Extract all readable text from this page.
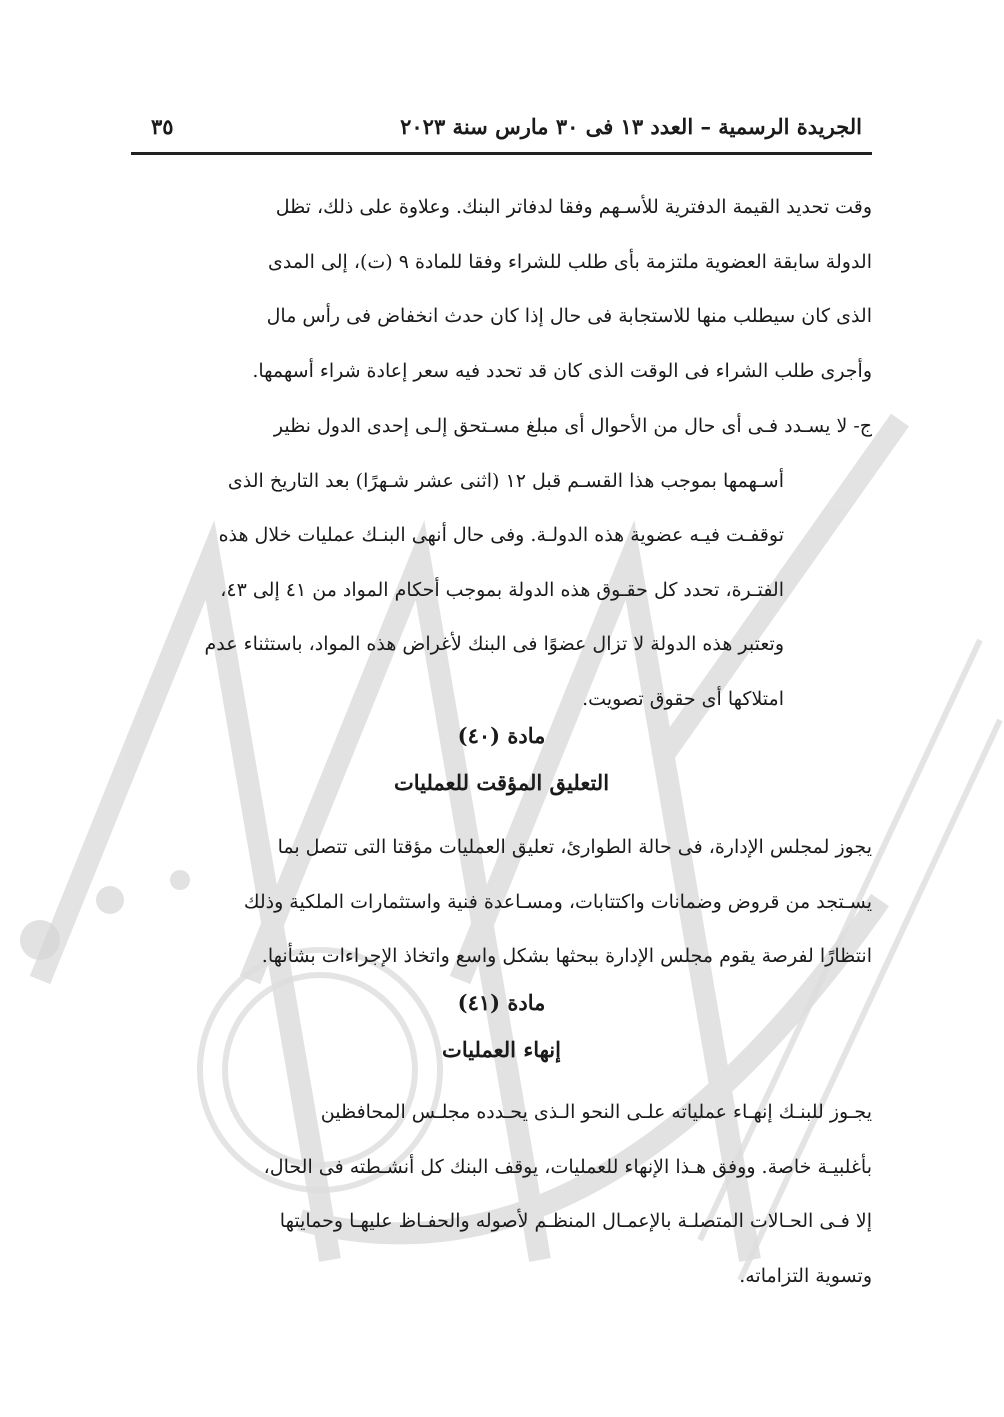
الجريدة الرسمية – العدد ١٣ فى ٣٠ مارس سنة ٢٠٢٣
٣٥
وقت تحديد القيمة الدفترية للأسـهم وفقا لدفاتر البنك. وعلاوة على ذلك، تظل
الدولة سابقة العضوية ملتزمة بأى طلب للشراء وفقا للمادة ٩ (ت)، إلى المدى
الذى كان سيطلب منها للاستجابة فى حال إذا كان حدث انخفاض فى رأس مال
وأجرى طلب الشراء فى الوقت الذى كان قد تحدد فيه سعر إعادة شراء أسهمها.
ج- لا يسـدد فـى أى حال من الأحوال أى مبلغ مسـتحق إلـى إحدى الدول نظير
أسـهمها بموجب هذا القسـم قبل ١٢ (اثنى عشر شـهرًا) بعد التاريخ الذى
توقفـت فيـه عضوية هذه الدولـة. وفى حال أنهى البنـك عمليات خلال هذه
الفتـرة، تحدد كل حقـوق هذه الدولة بموجب أحكام المواد من ٤١ إلى ٤٣،
وتعتبر هذه الدولة لا تزال عضوًا فى البنك لأغراض هذه المواد، باستثناء عدم
امتلاكها أى حقوق تصويت.
مادة (٤٠)
التعليق المؤقت للعمليات
يجوز لمجلس الإدارة، فى حالة الطوارئ، تعليق العمليات مؤقتا التى تتصل بما
يسـتجد من قروض وضمانات واكتتابات، ومسـاعدة فنية واستثمارات الملكية وذلك
انتظارًا لفرصة يقوم مجلس الإدارة ببحثها بشكل واسع واتخاذ الإجراءات بشأنها.
مادة (٤١)
إنهاء العمليات
يجـوز للبنـك إنهـاء عملياته علـى النحو الـذى يحـدده مجلـس المحافظين
بأغلبيـة خاصة. ووفق هـذا الإنهاء للعمليات، يوقف البنك كل أنشـطته فى الحال،
إلا فـى الحـالات المتصلـة بالإعمـال المنظـم لأصوله والحفـاظ عليهـا وحمايتها
وتسوية التزاماته.
